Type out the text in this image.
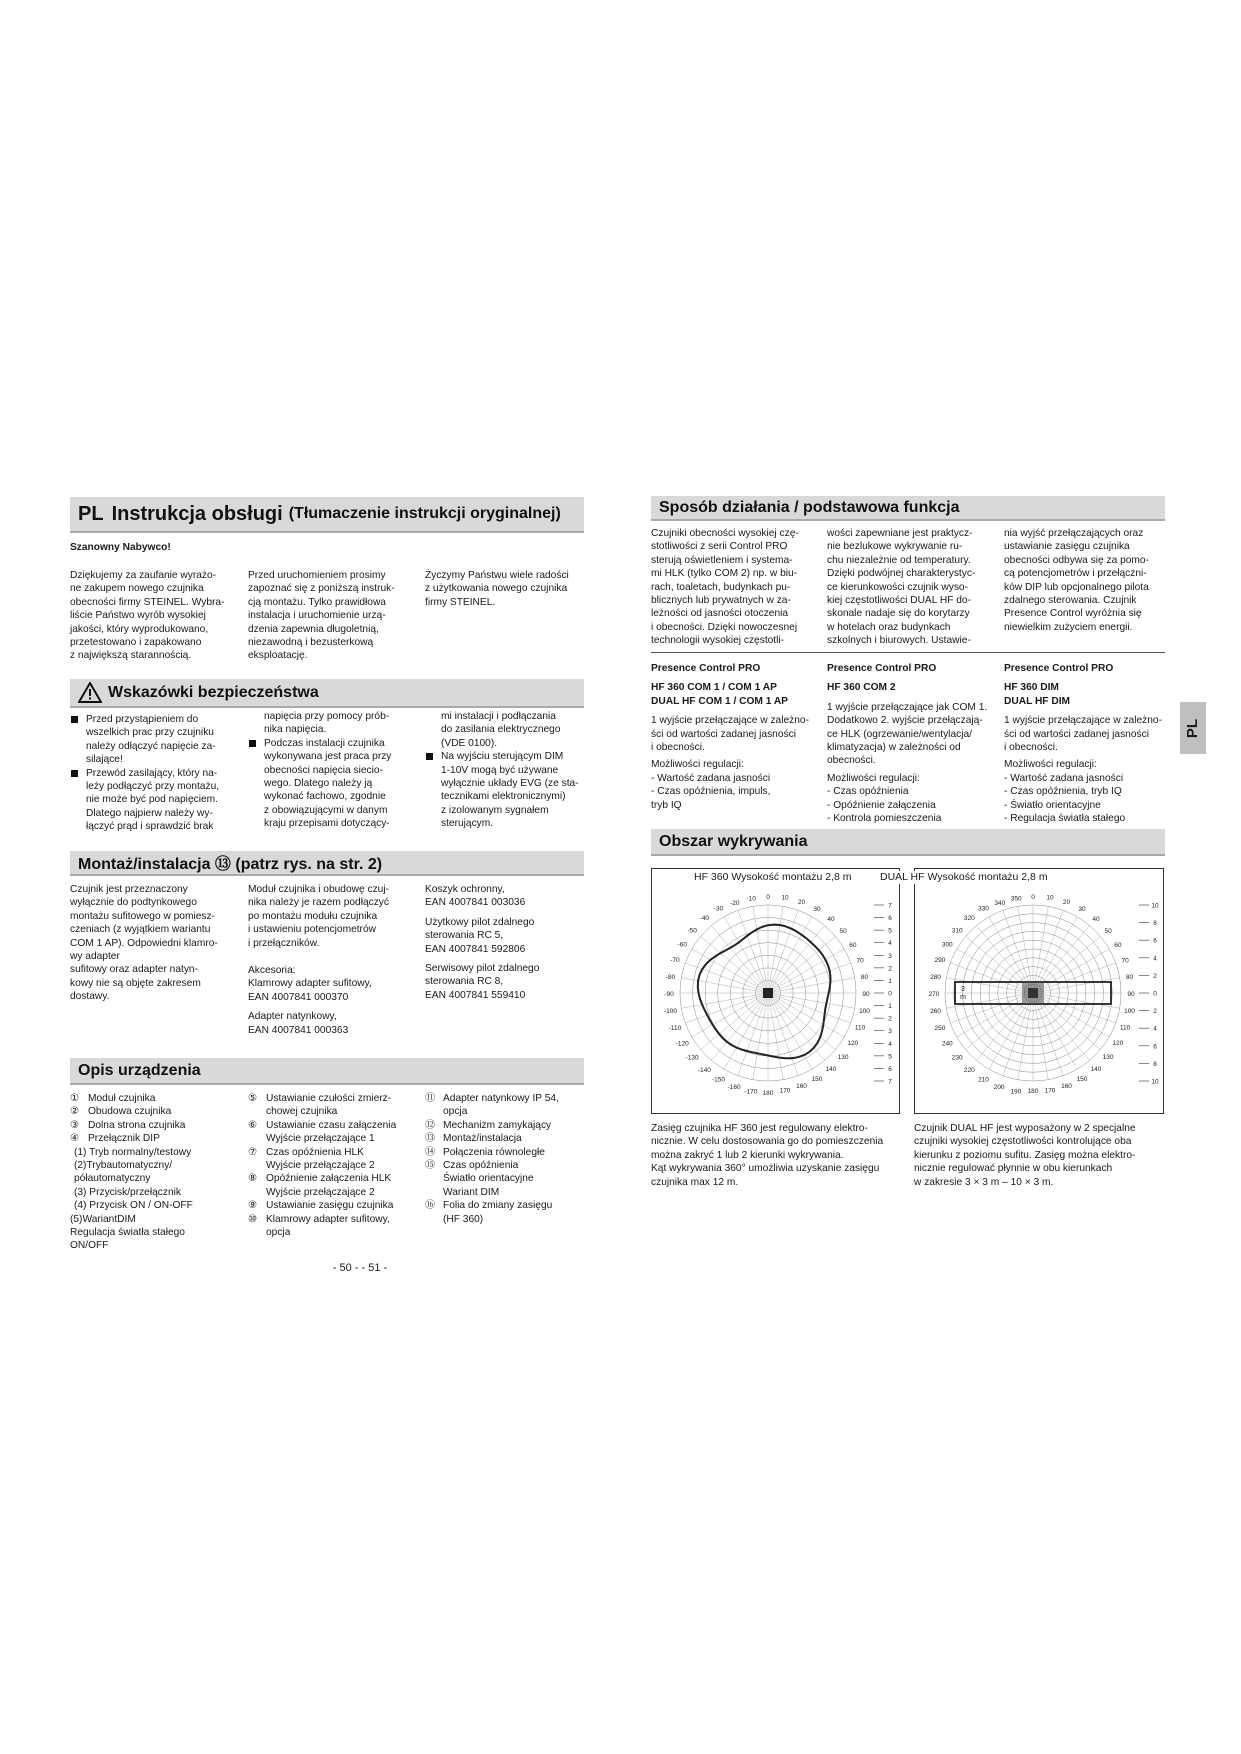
PL Instrukcja obsługi (Tłumaczenie instrukcji oryginalnej)
Szanowny Nabywco!
Dziękujemy za zaufanie wyrażo-
ne zakupem nowego czujnika
obecności firmy STEINEL. Wybra-
liście Państwo wyrób wysokiej
jakości, który wyprodukowano,
przetestowano i zapakowano
z największą starannością.
Przed uruchomieniem prosimy
zapoznać się z poniższą instruk-
cją montażu. Tylko prawidłowa
instalacja i uruchomienie urzą-
dzenia zapewnia długoletnią,
niezawodną i bezusterkową
eksploatację.
Życzymy Państwu wiele radości
z użytkowania nowego czujnika
firmy STEINEL.
Wskazówki bezpieczeństwa
Przed przystąpieniem do
wszelkich prac przy czujniku
należy odłączyć napięcie za-
silające!
Przewód zasilający, który na-
leży podłączyć przy montażu,
nie może być pod napięciem.
Dlatego najpierw należy wy-
łączyć prąd i sprawdzić brak
napięcia przy pomocy prób-
nika napięcia.
Podczas instalacji czujnika
wykonywana jest praca przy
obecności napięcia siecio-
wego. Dlatego należy ją
wykonać fachowo, zgodnie
z obowiązującymi w danym
kraju przepisami dotyczący-
mi instalacji i podłączania
do zasilania elektrycznego
(VDE 0100).
Na wyjściu sterującym DIM
1-10V mogą być używane
wyłącznie układy EVG (ze sta-
tecznikami elektronicznymi)
z izolowanym sygnałem
sterującym.
Montaż/instalacja ⑬ (patrz rys. na str. 2)
Czujnik jest przeznaczony
wyłącznie do podtynkowego
montażu sufitowego w pomiesz-
czeniach (z wyjątkiem wariantu
COM 1 AP). Odpowiedni klamro-
wy adapter
sufitowy oraz adapter natyn-
kowy nie są objęte zakresem
dostawy.
Moduł czujnika i obudowę czuj-
nika należy je razem podłączyć
po montażu modułu czujnika
i ustawieniu potencjometrów
i przełączników.
Akcesoria:
Klamrowy adapter sufitowy,
EAN 4007841 000370
Adapter natynkowy,
EAN 4007841 000363
Koszyk ochronny,
EAN 4007841 003036
Użytkowy pilot zdalnego
sterowania RC 5,
EAN 4007841 592806
Serwisowy pilot zdalnego
sterowania RC 8,
EAN 4007841 559410
Opis urządzenia
① Moduł czujnika
② Obudowa czujnika
③ Dolna strona czujnika
④ Przełącznik DIP
(1) Tryb normalny/testowy
(2)Trybautomatyczny/
półautomatyczny
(3) Przycisk/przełącznik
(4) Przycisk ON / ON-OFF
(5)WariantDIM
Regulacja światła stałego
ON/OFF
⑤ Ustawianie czułości zmierz-
chowej czujnika
⑥ Ustawianie czasu załączenia
Wyjście przełączające 1
⑦ Czas opóźnienia HLK
Wyjście przełączające 2
⑧ Opóźnienie załączenia HLK
Wyjście przełączające 2
⑨ Ustawianie zasięgu czujnika
⑩ Klamrowy adapter sufitowy,
opcja
⑪ Adapter natynkowy IP 54,
opcja
⑫ Mechanizm zamykający
⑬ Montaż/instalacja
⑭ Połączenia równoległe
⑮ Czas opóźnienia
Światło orientacyjne
Wariant DIM
⑯ Folia do zmiany zasięgu
(HF 360)
- 50 - - 51 -
Sposób działania / podstawowa funkcja
Czujniki obecności wysokiej czę-
stotliwości z serii Control PRO
sterują oświetleniem i systema-
mi HLK (tylko COM 2) np. w biu-
rach, toaletach, budynkach pu-
blicznych lub prywatnych w za-
leżności od jasności otoczenia
i obecności. Dzięki nowoczesnej
technologii wysokiej częstotli-
wości zapewniane jest praktycz-
nie bezlukowe wykrywanie ru-
chu niezależnie od temperatury.
Dzięki podwójnej charakterystyc-
ce kierunkowości czujnik wyso-
kiej częstotliwości DUAL HF do-
skonale nadaje się do korytarzy
w hotelach oraz budynkach
szkolnych i biurowych. Ustawie-
nia wyjść przełączających oraz
ustawianie zasięgu czujnika
obecności odbywa się za pomo-
cą potencjometrów i przełączni-
ków DIP lub opcjonalnego pilota
zdalnego sterowania. Czujnik
Presence Control wyróżnia się
niewielkim zużyciem energii.
Presence Control PRO
HF 360 COM 1 / COM 1 AP
DUAL HF COM 1 / COM 1 AP
1 wyjście przełączające w zależno-
ści od wartości zadanej jasności
i obecności.
Możliwości regulacji:
- Wartość zadana jasności
- Czas opóźnienia, impuls,
tryb IQ
Presence Control PRO
HF 360 COM 2
1 wyjście przełączające jak COM 1.
Dodatkowo 2. wyjście przełączają-
ce HLK (ogrzewanie/wentylacja/
klimatyzacja) w zależności od
obecności.
Możliwości regulacji:
- Czas opóźnienia
- Opóźnienie załączenia
- Kontrola pomieszczenia
Presence Control PRO
HF 360 DIM
DUAL HF DIM
1 wyjście przełączające w zależno-
ści od wartości zadanej jasności
i obecności.
Możliwości regulacji:
- Wartość zadana jasności
- Czas opóźnienia, tryb IQ
- Światło orientacyjne
- Regulacja światła stałego
PL
Obszar wykrywania
-20
-10 0
-30
-40
-50
-60
-70
-80
-90
-100
-110
-120
-130
-140
-150
-160
-170 180
10
20
30
40
50
60
70
80
90
100
110
120
130
140
150
160
170
7
6
5
4
3
2
1
0
1
2
3
4
5
6
7
HF 360 Wysokość montażu 2,8 m
3
m
340
350 0
330
320
310
300
290
280
270
260
250
240
230
220
210
200
190
10
20
30
40
50
60
70
80
90
100
110
120
130
140
150
160
170
180
10
8
6
4
2
0
2
4
6
8
10
DUAL HF Wysokość montażu 2,8 m
Zasięg czujnika HF 360 jest regulowany elektro-
nicznie. W celu dostosowania go do pomieszczenia
można zakryć 1 lub 2 kierunki wykrywania.
Kąt wykrywania 360° umożliwia uzyskanie zasięgu
czujnika max 12 m.
Czujnik DUAL HF jest wyposażony w 2 specjalne
czujniki wysokiej częstotliwości kontrolujące oba
kierunku z poziomu sufitu. Zasięg można elektro-
nicznie regulować płynnie w obu kierunkach
w zakresie 3 × 3 m – 10 × 3 m.
